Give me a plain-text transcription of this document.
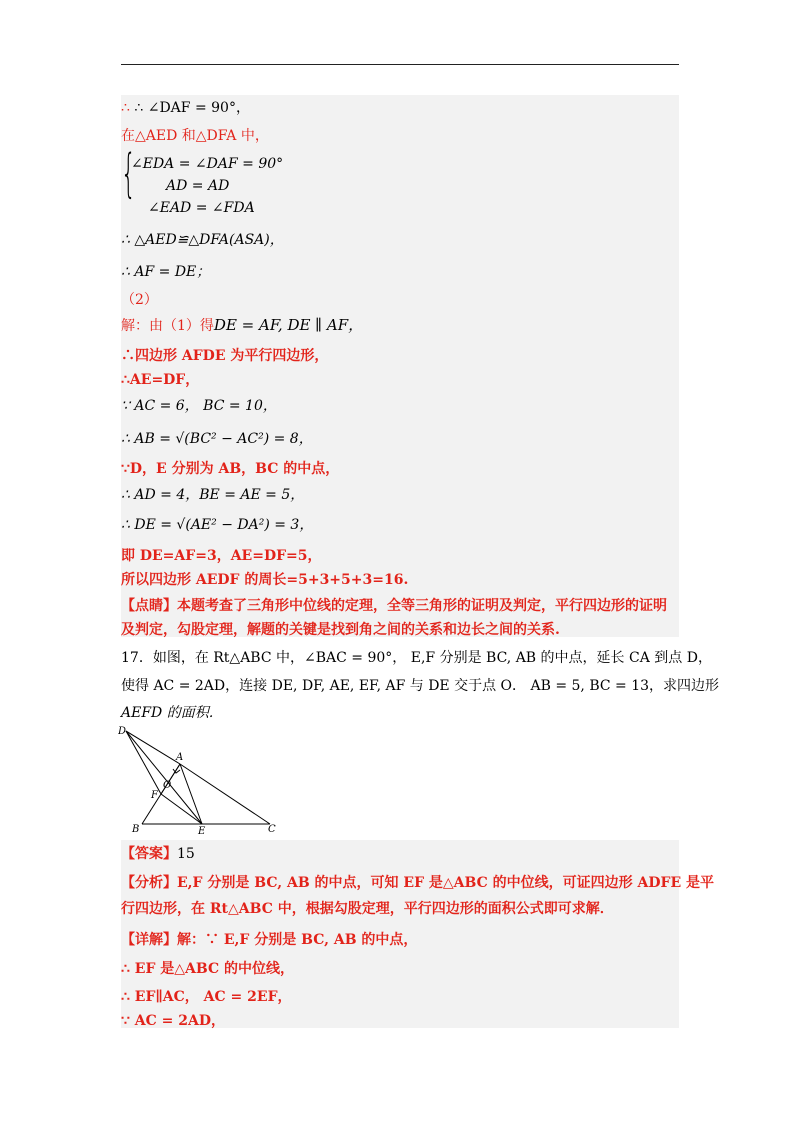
∴ ∴ ∠DAF = 90°，
在△AED 和△DFA 中，
{
∠EDA = ∠DAF = 90°
AD = AD
∠EAD = ∠FDA
∴ △AED≌△DFA(ASA)，
∴ AF = DE；
（2）
解：由（1）得DE = AF, DE ∥ AF，
∴四边形 AFDE 为平行四边形，
∴AE=DF，
∵ AC = 6， BC = 10，
∴ AB = √(BC² − AC²) = 8，
∵D，E 分别为 AB，BC 的中点，
∴ AD = 4，BE = AE = 5，
∴ DE = √(AE² − DA²) = 3，
即 DE=AF=3，AE=DF=5，
所以四边形 AEDF 的周长=5+3+5+3=16.
【点睛】本题考查了三角形中位线的定理，全等三角形的证明及判定，平行四边形的证明
及判定，勾股定理，解题的关键是找到角之间的关系和边长之间的关系.
17．如图，在 Rt△ABC 中，∠BAC = 90°， E,F 分别是 BC, AB 的中点，延长 CA 到点 D，
使得 AC = 2AD，连接 DE, DF, AE, EF, AF 与 DE 交于点 O． AB = 5, BC = 13，求四边形
AEFD 的面积．
D
A
F
O
B	E	C
【答案】15
【分析】E,F 分别是 BC, AB 的中点，可知 EF 是△ABC 的中位线，可证四边形 ADFE 是平
行四边形，在 Rt△ABC 中，根据勾股定理，平行四边形的面积公式即可求解．
【详解】解：∵ E,F 分别是 BC, AB 的中点，
∴ EF 是△ABC 的中位线，
∴ EF∥AC， AC = 2EF，
∵ AC = 2AD，
